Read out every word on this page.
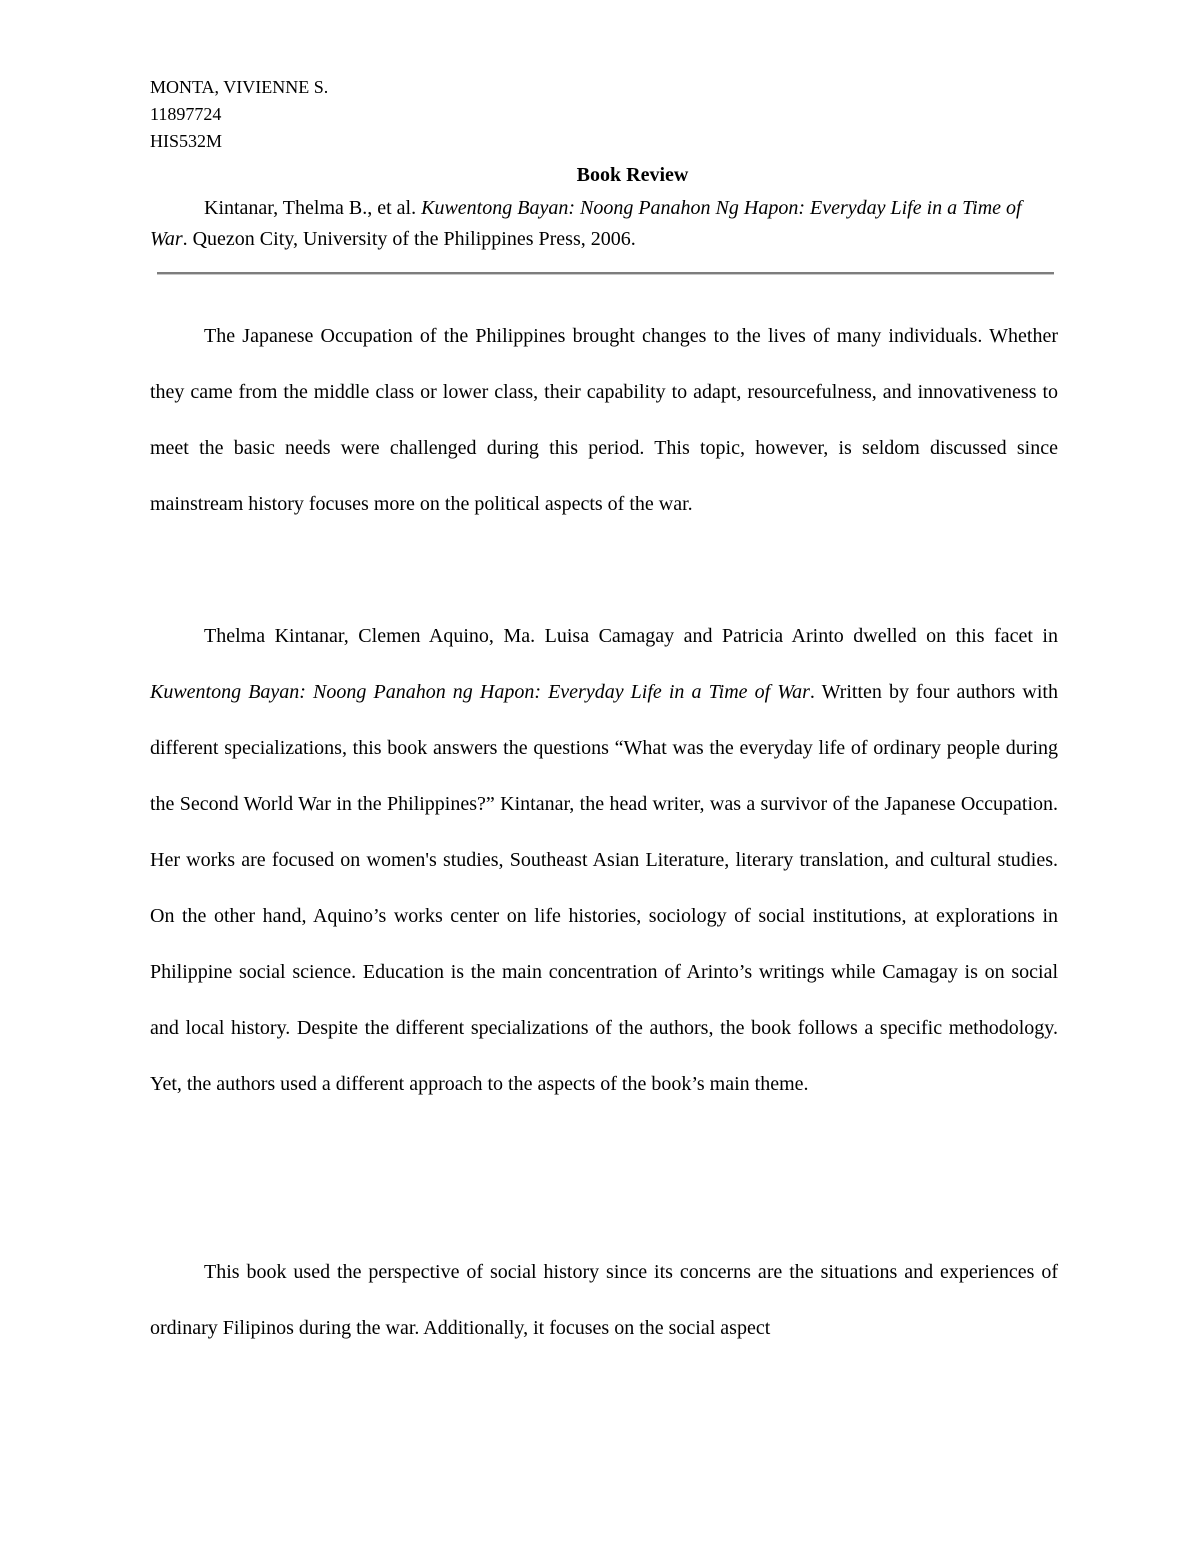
MONTA, VIVIENNE S.
11897724
HIS532M
Book Review
Kintanar, Thelma B., et al. Kuwentong Bayan: Noong Panahon Ng Hapon: Everyday Life in a Time of War. Quezon City, University of the Philippines Press, 2006.

The Japanese Occupation of the Philippines brought changes to the lives of many individuals. Whether they came from the middle class or lower class, their capability to adapt, resourcefulness, and innovativeness to meet the basic needs were challenged during this period. This topic, however, is seldom discussed since mainstream history focuses more on the political aspects of the war.

Thelma Kintanar, Clemen Aquino, Ma. Luisa Camagay and Patricia Arinto dwelled on this facet in Kuwentong Bayan: Noong Panahon ng Hapon: Everyday Life in a Time of War. Written by four authors with different specializations, this book answers the questions “What was the everyday life of ordinary people during the Second World War in the Philippines?” Kintanar, the head writer, was a survivor of the Japanese Occupation. Her works are focused on women's studies, Southeast Asian Literature, literary translation, and cultural studies. On the other hand, Aquino’s works center on life histories, sociology of social institutions, at explorations in Philippine social science. Education is the main concentration of Arinto’s writings while Camagay is on social and local history. Despite the different specializations of the authors, the book follows a specific methodology. Yet, the authors used a different approach to the aspects of the book’s main theme.

This book used the perspective of social history since its concerns are the situations and experiences of ordinary Filipinos during the war. Additionally, it focuses on the social aspect
